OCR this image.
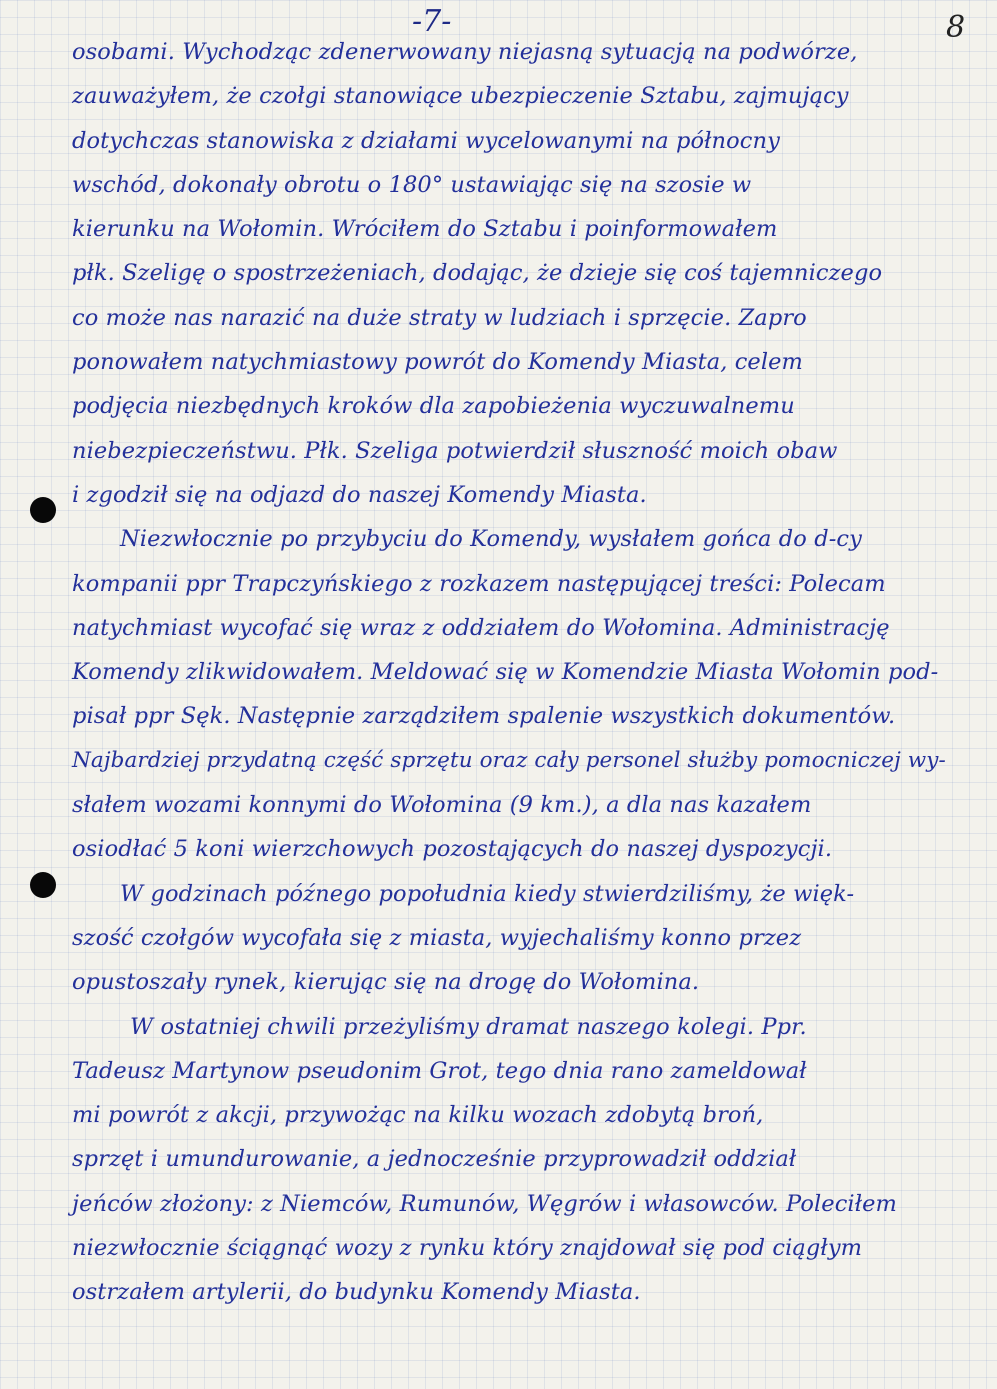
-7-	8
osobami. Wychodząc zdenerwowany niejasną sytuacją na podwórze,
zauważyłem, że czołgi stanowiące ubezpieczenie Sztabu, zajmujący
dotychczas stanowiska z działami wycelowanymi na północny
wschód, dokonały obrotu o 180° ustawiając się na szosie w
kierunku na Wołomin. Wróciłem do Sztabu i poinformowałem
płk. Szeligę o spostrzeżeniach, dodając, że dzieje się coś tajemniczego
co może nas narazić na duże straty w ludziach i sprzęcie. Zapro
ponowałem natychmiastowy powrót do Komendy Miasta, celem
podjęcia niezbędnych kroków dla zapobieżenia wyczuwalnemu
niebezpieczeństwu. Płk. Szeliga potwierdził słuszność moich obaw
i zgodził się na odjazd do naszej Komendy Miasta.
Niezwłocznie po przybyciu do Komendy, wysłałem gońca do d-cy
kompanii ppr Trapczyńskiego z rozkazem następującej treści: Polecam
natychmiast wycofać się wraz z oddziałem do Wołomina. Administrację
Komendy zlikwidowałem. Meldować się w Komendzie Miasta Wołomin pod-
pisał ppr Sęk. Następnie zarządziłem spalenie wszystkich dokumentów.
Najbardziej przydatną część sprzętu oraz cały personel służby pomocniczej wy-
słałem wozami konnymi do Wołomina (9 km.), a dla nas kazałem
osiodłać 5 koni wierzchowych pozostających do naszej dyspozycji.
W godzinach późnego popołudnia kiedy stwierdziliśmy, że więk-
szość czołgów wycofała się z miasta, wyjechaliśmy konno przez
opustoszały rynek, kierując się na drogę do Wołomina.
W ostatniej chwili przeżyliśmy dramat naszego kolegi. Ppr.
Tadeusz Martynow pseudonim Grot, tego dnia rano zameldował
mi powrót z akcji, przywożąc na kilku wozach zdobytą broń,
sprzęt i umundurowanie, a jednocześnie przyprowadził oddział
jeńców złożony: z Niemców, Rumunów, Węgrów i własowców. Poleciłem
niezwłocznie ściągnąć wozy z rynku który znajdował się pod ciągłym
ostrzałem artylerii, do budynku Komendy Miasta.
